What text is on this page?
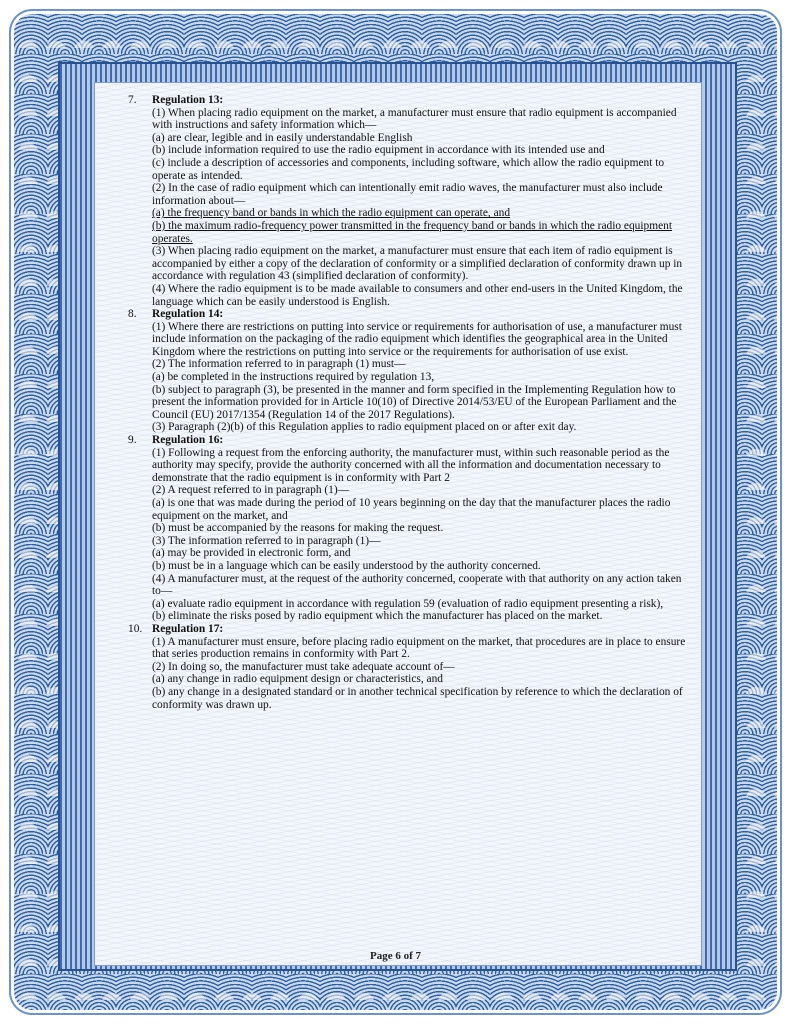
7. Regulation 13:
(1) When placing radio equipment on the market, a manufacturer must ensure that radio equipment is accompanied with instructions and safety information which—
(a) are clear, legible and in easily understandable English
(b) include information required to use the radio equipment in accordance with its intended use and
(c) include a description of accessories and components, including software, which allow the radio equipment to operate as intended.
(2) In the case of radio equipment which can intentionally emit radio waves, the manufacturer must also include information about—
(a) the frequency band or bands in which the radio equipment can operate, and
(b) the maximum radio-frequency power transmitted in the frequency band or bands in which the radio equipment operates.
(3) When placing radio equipment on the market, a manufacturer must ensure that each item of radio equipment is accompanied by either a copy of the declaration of conformity or a simplified declaration of conformity drawn up in accordance with regulation 43 (simplified declaration of conformity).
(4) Where the radio equipment is to be made available to consumers and other end-users in the United Kingdom, the language which can be easily understood is English.
8. Regulation 14:
(1) Where there are restrictions on putting into service or requirements for authorisation of use, a manufacturer must include information on the packaging of the radio equipment which identifies the geographical area in the United Kingdom where the restrictions on putting into service or the requirements for authorisation of use exist.
(2) The information referred to in paragraph (1) must—
(a) be completed in the instructions required by regulation 13,
(b) subject to paragraph (3), be presented in the manner and form specified in the Implementing Regulation how to present the information provided for in Article 10(10) of Directive 2014/53/EU of the European Parliament and the Council (EU) 2017/1354 (Regulation 14 of the 2017 Regulations).
(3) Paragraph (2)(b) of this Regulation applies to radio equipment placed on or after exit day.
9. Regulation 16:
(1) Following a request from the enforcing authority, the manufacturer must, within such reasonable period as the authority may specify, provide the authority concerned with all the information and documentation necessary to demonstrate that the radio equipment is in conformity with Part 2
(2) A request referred to in paragraph (1)—
(a) is one that was made during the period of 10 years beginning on the day that the manufacturer places the radio equipment on the market, and
(b) must be accompanied by the reasons for making the request.
(3) The information referred to in paragraph (1)—
(a) may be provided in electronic form, and
(b) must be in a language which can be easily understood by the authority concerned.
(4) A manufacturer must, at the request of the authority concerned, cooperate with that authority on any action taken to—
(a) evaluate radio equipment in accordance with regulation 59 (evaluation of radio equipment presenting a risk),
(b) eliminate the risks posed by radio equipment which the manufacturer has placed on the market.
10. Regulation 17:
(1) A manufacturer must ensure, before placing radio equipment on the market, that procedures are in place to ensure that series production remains in conformity with Part 2.
(2) In doing so, the manufacturer must take adequate account of—
(a) any change in radio equipment design or characteristics, and
(b) any change in a designated standard or in another technical specification by reference to which the declaration of conformity was drawn up.
Page 6 of 7
